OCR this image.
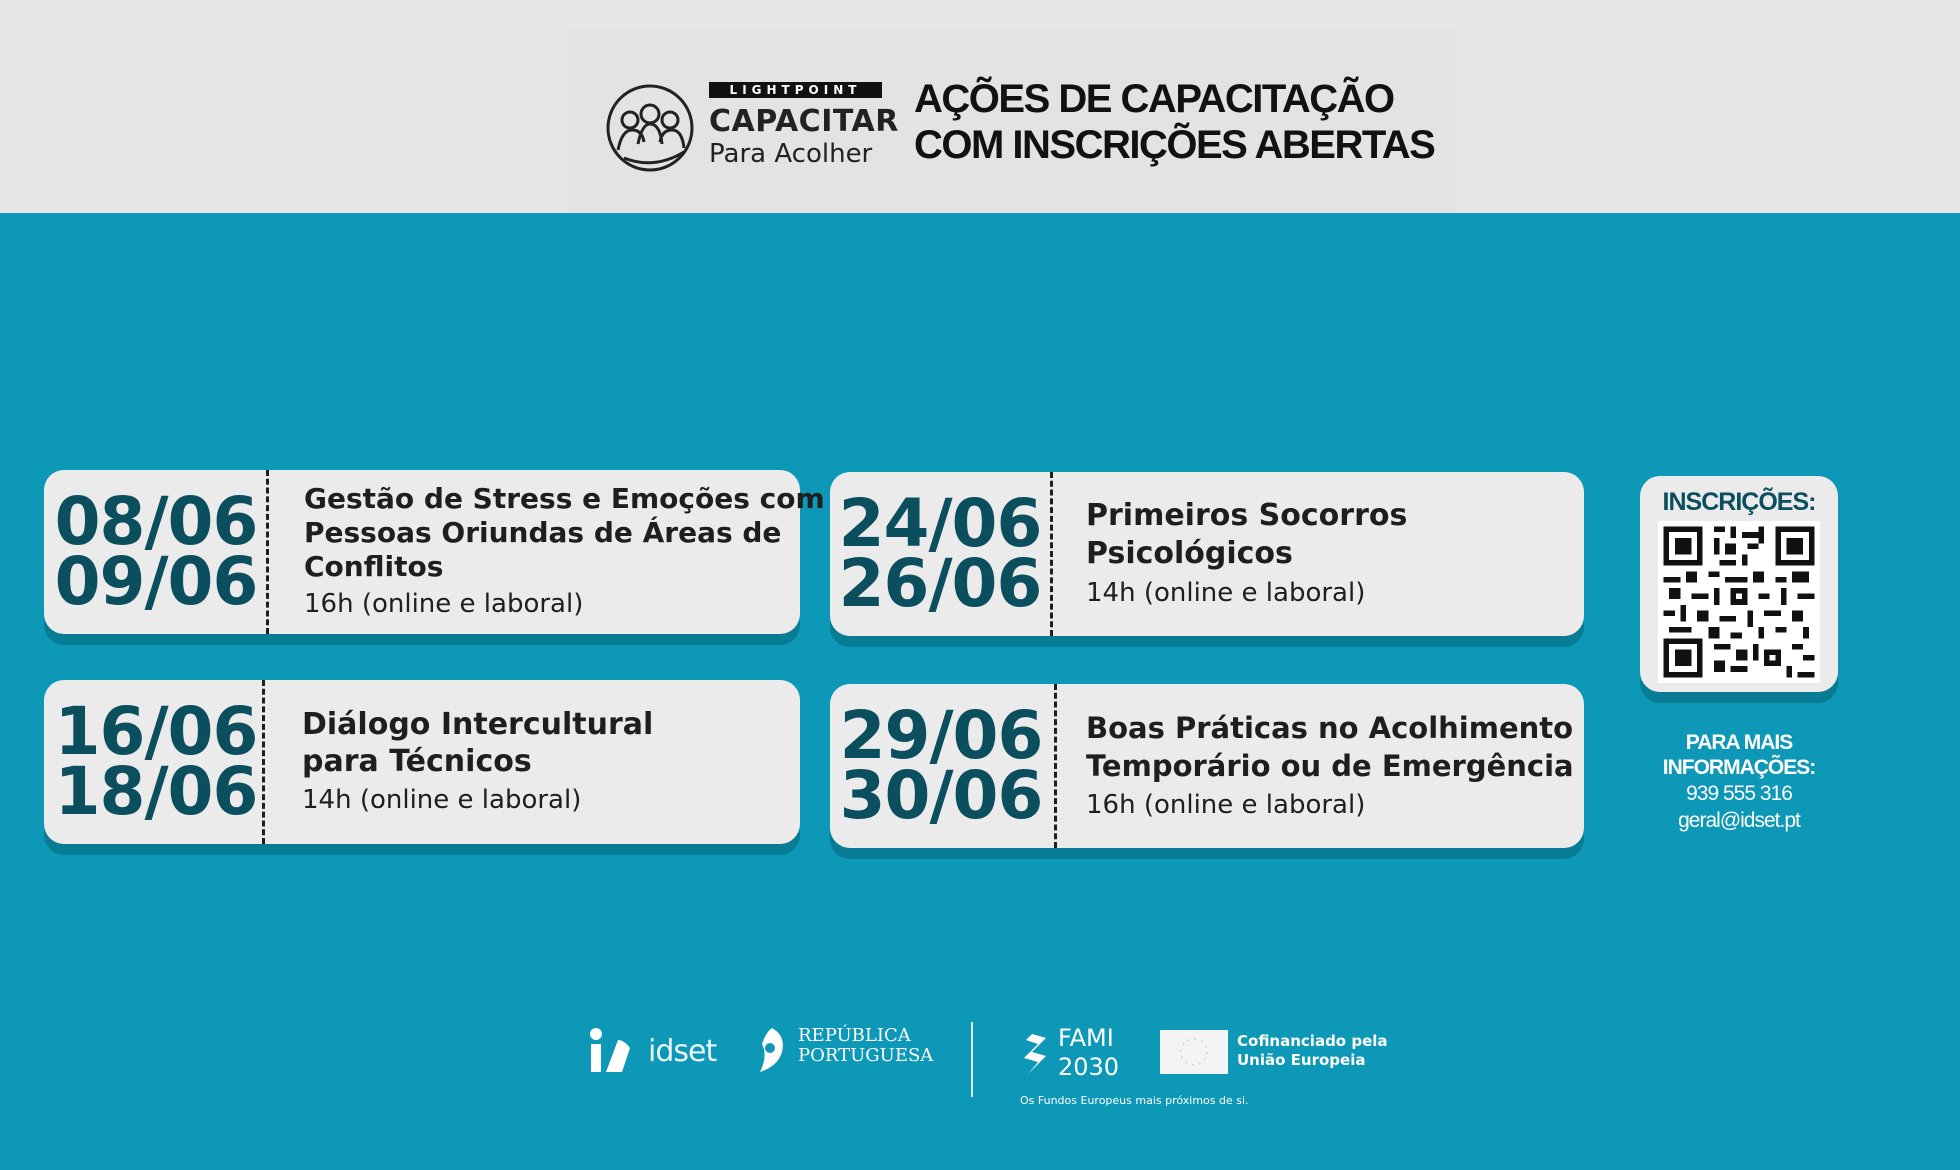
LIGHTPOINT
CAPACITAR
Para Acolher
AÇÕES DE CAPACITAÇÃO
COM INSCRIÇÕES ABERTAS
08/06
09/06
Gestão de Stress e Emoções com
Pessoas Oriundas de Áreas de
Conflitos
16h (online e laboral)
16/06
18/06
Diálogo Intercultural
para Técnicos
14h (online e laboral)
24/06
26/06
Primeiros Socorros
Psicológicos
14h (online e laboral)
29/06
30/06
Boas Práticas no Acolhimento
Temporário ou de Emergência
16h (online e laboral)
INSCRIÇÕES:
PARA MAIS
INFORMAÇÕES:
939 555 316
geral@idset.pt
idset	REPÚBLICA
PORTUGUESA
FAMI
2030
Os Fundos Europeus mais próximos de si.
Cofinanciado pela
União Europeia
